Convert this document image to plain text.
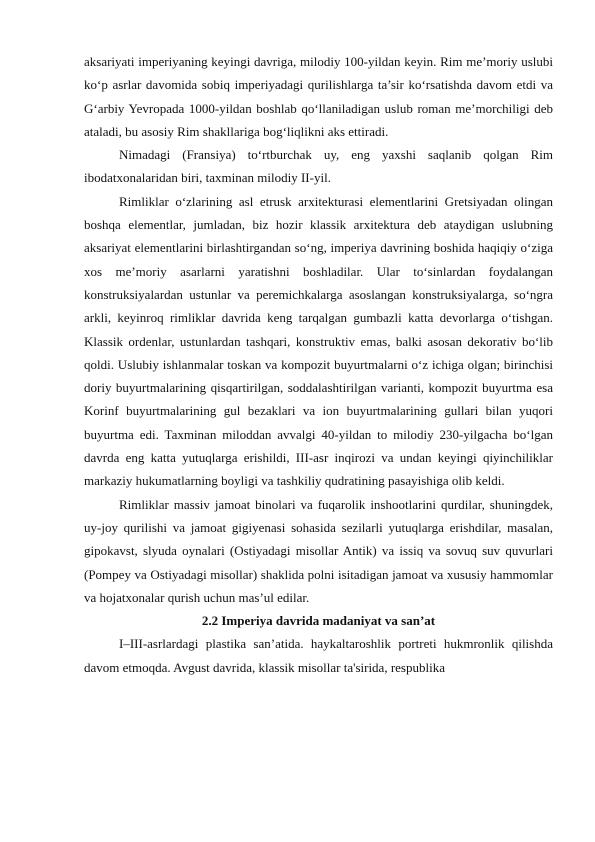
aksariyati imperiyaning keyingi davriga, milodiy 100-yildan keyin. Rim me’moriy uslubi ko‘p asrlar davomida sobiq imperiyadagi qurilishlarga ta’sir ko‘rsatishda davom etdi va G‘arbiy Yevropada 1000-yildan boshlab qo‘llaniladigan uslub roman me’morchiligi deb ataladi, bu asosiy Rim shakllariga bog‘liqlikni aks ettiradi.

Nimadagi (Fransiya) to‘rtburchak uy, eng yaxshi saqlanib qolgan Rim ibodatxonalaridan biri, taxminan milodiy II-yil.

Rimliklar o‘zlarining asl etrusk arxitekturasi elementlarini Gretsiyadan olingan boshqa elementlar, jumladan, biz hozir klassik arxitektura deb ataydigan uslubning aksariyat elementlarini birlashtirgandan so‘ng, imperiya davrining boshida haqiqiy o‘ziga xos me’moriy asarlarni yaratishni boshladilar. Ular to‘sinlardan foydalangan konstruksiyalardan ustunlar va peremichkalarga asoslangan konstruksiyalarga, so‘ngra arkli, keyinroq rimliklar davrida keng tarqalgan gumbazli katta devorlarga o‘tishgan. Klassik ordenlar, ustunlardan tashqari, konstruktiv emas, balki asosan dekorativ bo‘lib qoldi. Uslubiy ishlanmalar toskan va kompozit buyurtmalarni o‘z ichiga olgan; birinchisi doriy buyurtmalarining qisqartirilgan, soddalashtirilgan varianti, kompozit buyurtma esa Korinf buyurtmalarining gul bezaklari va ion buyurtmalarining gullari bilan yuqori buyurtma edi. Taxminan miloddan avvalgi 40-yildan to milodiy 230-yilgacha bo‘lgan davrda eng katta yutuqlarga erishildi, III-asr inqirozi va undan keyingi qiyinchiliklar markaziy hukumatlarning boyligi va tashkiliy qudratining pasayishiga olib keldi.

Rimliklar massiv jamoat binolari va fuqarolik inshootlarini qurdilar, shuningdek, uy-joy qurilishi va jamoat gigiyenasi sohasida sezilarli yutuqlarga erishdilar, masalan, gipokavst, slyuda oynalari (Ostiyadagi misollar Antik) va issiq va sovuq suv quvurlari (Pompey va Ostiyadagi misollar) shaklida polni isitadigan jamoat va xususiy hammomlar va hojatxonalar qurish uchun mas’ul edilar.

2.2 Imperiya davrida madaniyat va san’at

I–III-asrlardagi plastika san’atida. haykaltaroshlik portreti hukmronlik qilishda davom etmoqda. Avgust davrida, klassik misollar ta'sirida, respublika
